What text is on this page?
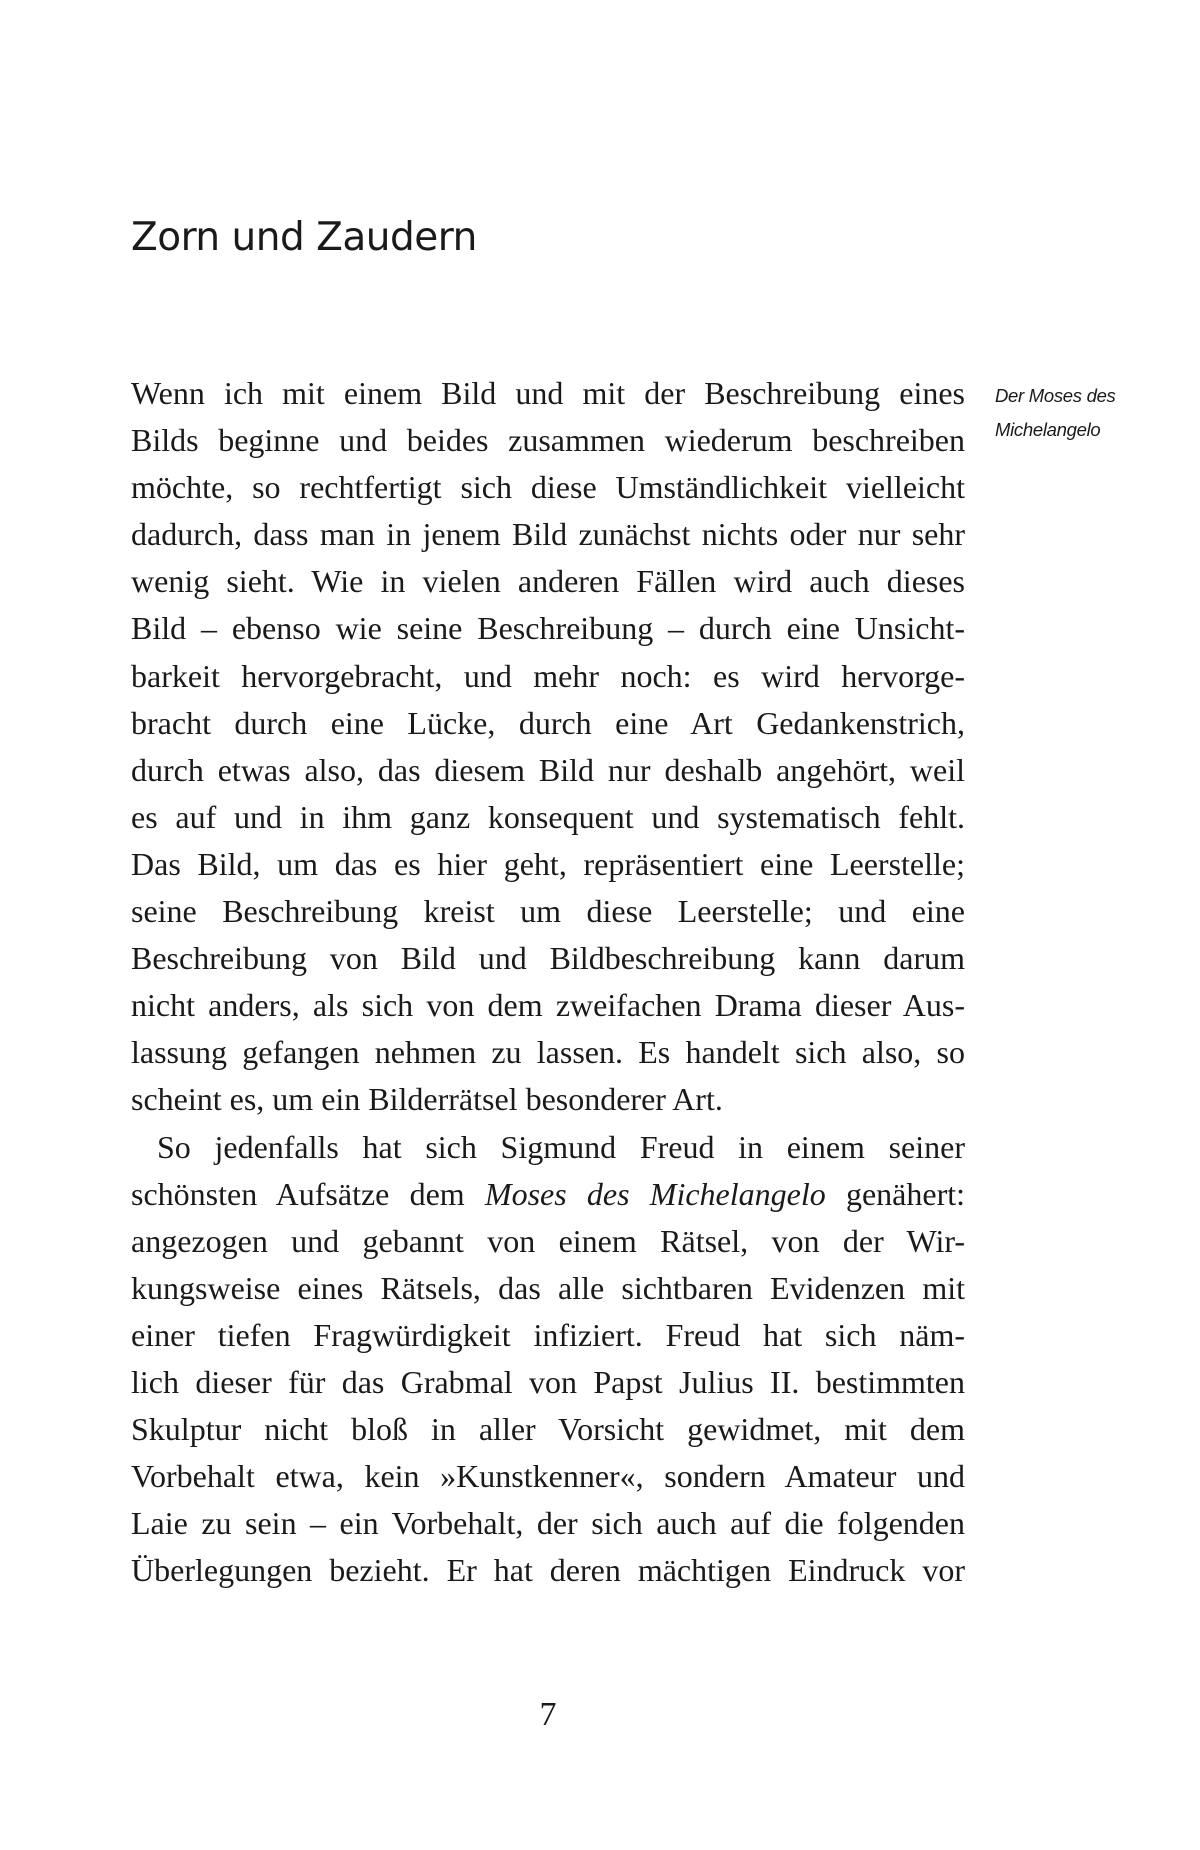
Zorn und Zaudern
Der Moses des
Michelangelo
Wenn ich mit einem Bild und mit der Beschreibung eines
Bilds beginne und beides zusammen wiederum beschreiben
möchte, so rechtfertigt sich diese Umständlichkeit vielleicht
dadurch, dass man in jenem Bild zunächst nichts oder nur sehr
wenig sieht. Wie in vielen anderen Fällen wird auch dieses
Bild – ebenso wie seine Beschreibung – durch eine Unsicht-
barkeit hervorgebracht, und mehr noch: es wird hervorge-
bracht durch eine Lücke, durch eine Art Gedankenstrich,
durch etwas also, das diesem Bild nur deshalb angehört, weil
es auf und in ihm ganz konsequent und systematisch fehlt.
Das Bild, um das es hier geht, repräsentiert eine Leerstelle;
seine Beschreibung kreist um diese Leerstelle; und eine
Beschreibung von Bild und Bildbeschreibung kann darum
nicht anders, als sich von dem zweifachen Drama dieser Aus-
lassung gefangen nehmen zu lassen. Es handelt sich also, so
scheint es, um ein Bilderrätsel besonderer Art.
So jedenfalls hat sich Sigmund Freud in einem seiner
schönsten Aufsätze dem Moses des Michelangelo genähert:
angezogen und gebannt von einem Rätsel, von der Wir-
kungsweise eines Rätsels, das alle sichtbaren Evidenzen mit
einer tiefen Fragwürdigkeit infiziert. Freud hat sich näm-
lich dieser für das Grabmal von Papst Julius II. bestimmten
Skulptur nicht bloß in aller Vorsicht gewidmet, mit dem
Vorbehalt etwa, kein »Kunstkenner«, sondern Amateur und
Laie zu sein – ein Vorbehalt, der sich auch auf die folgenden
Überlegungen bezieht. Er hat deren mächtigen Eindruck vor
7
